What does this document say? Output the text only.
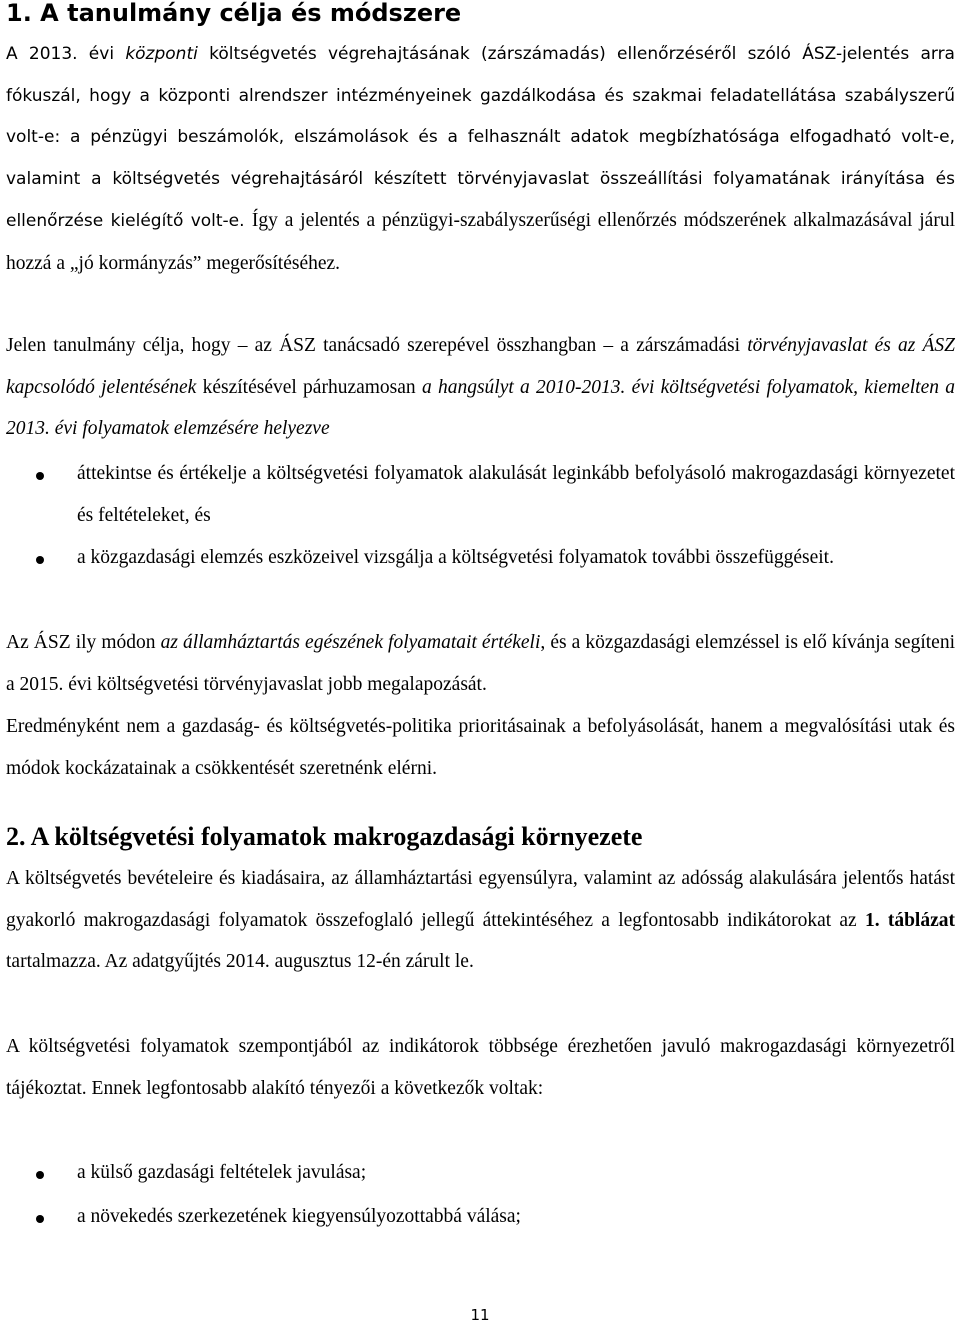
1. A tanulmány célja és módszere

A 2013. évi központi költségvetés végrehajtásának (zárszámadás) ellenőrzéséről szóló ÁSZ-jelentés arra fókuszál, hogy a központi alrendszer intézményeinek gazdálkodása és szakmai feladatellátása szabályszerű volt-e: a pénzügyi beszámolók, elszámolások és a felhasznált adatok megbízhatósága elfogadható volt-e, valamint a költségvetés végrehajtásáról készített törvényjavaslat összeállítási folyamatának irányítása és ellenőrzése kielégítő volt-e. Így a jelentés a pénzügyi-szabályszerűségi ellenőrzés módszerének alkalmazásával járul hozzá a „jó kormányzás” megerősítéséhez.

Jelen tanulmány célja, hogy – az ÁSZ tanácsadó szerepével összhangban – a zárszámadási törvényjavaslat és az ÁSZ kapcsolódó jelentésének készítésével párhuzamosan a hangsúlyt a 2010-2013. évi költségvetési folyamatok, kiemelten a 2013. évi folyamatok elemzésére helyezve

áttekintse és értékelje a költségvetési folyamatok alakulását leginkább befolyásoló makrogazdasági környezetet és feltételeket, és

a közgazdasági elemzés eszközeivel vizsgálja a költségvetési folyamatok további összefüggéseit.

Az ÁSZ ily módon az államháztartás egészének folyamatait értékeli, és a közgazdasági elemzéssel is elő kívánja segíteni a 2015. évi költségvetési törvényjavaslat jobb megalapozását.

Eredményként nem a gazdaság- és költségvetés-politika prioritásainak a befolyásolását, hanem a megvalósítási utak és módok kockázatainak a csökkentését szeretnénk elérni.

2. A költségvetési folyamatok makrogazdasági környezete

A költségvetés bevételeire és kiadásaira, az államháztartási egyensúlyra, valamint az adósság alakulására jelentős hatást gyakorló makrogazdasági folyamatok összefoglaló jellegű áttekintéséhez a legfontosabb indikátorokat az 1. táblázat tartalmazza. Az adatgyűjtés 2014. augusztus 12-én zárult le.

A költségvetési folyamatok szempontjából az indikátorok többsége érezhetően javuló makrogazdasági környezetről tájékoztat. Ennek legfontosabb alakító tényezői a következők voltak:

a külső gazdasági feltételek javulása;

a növekedés szerkezetének kiegyensúlyozottabbá válása;

11
